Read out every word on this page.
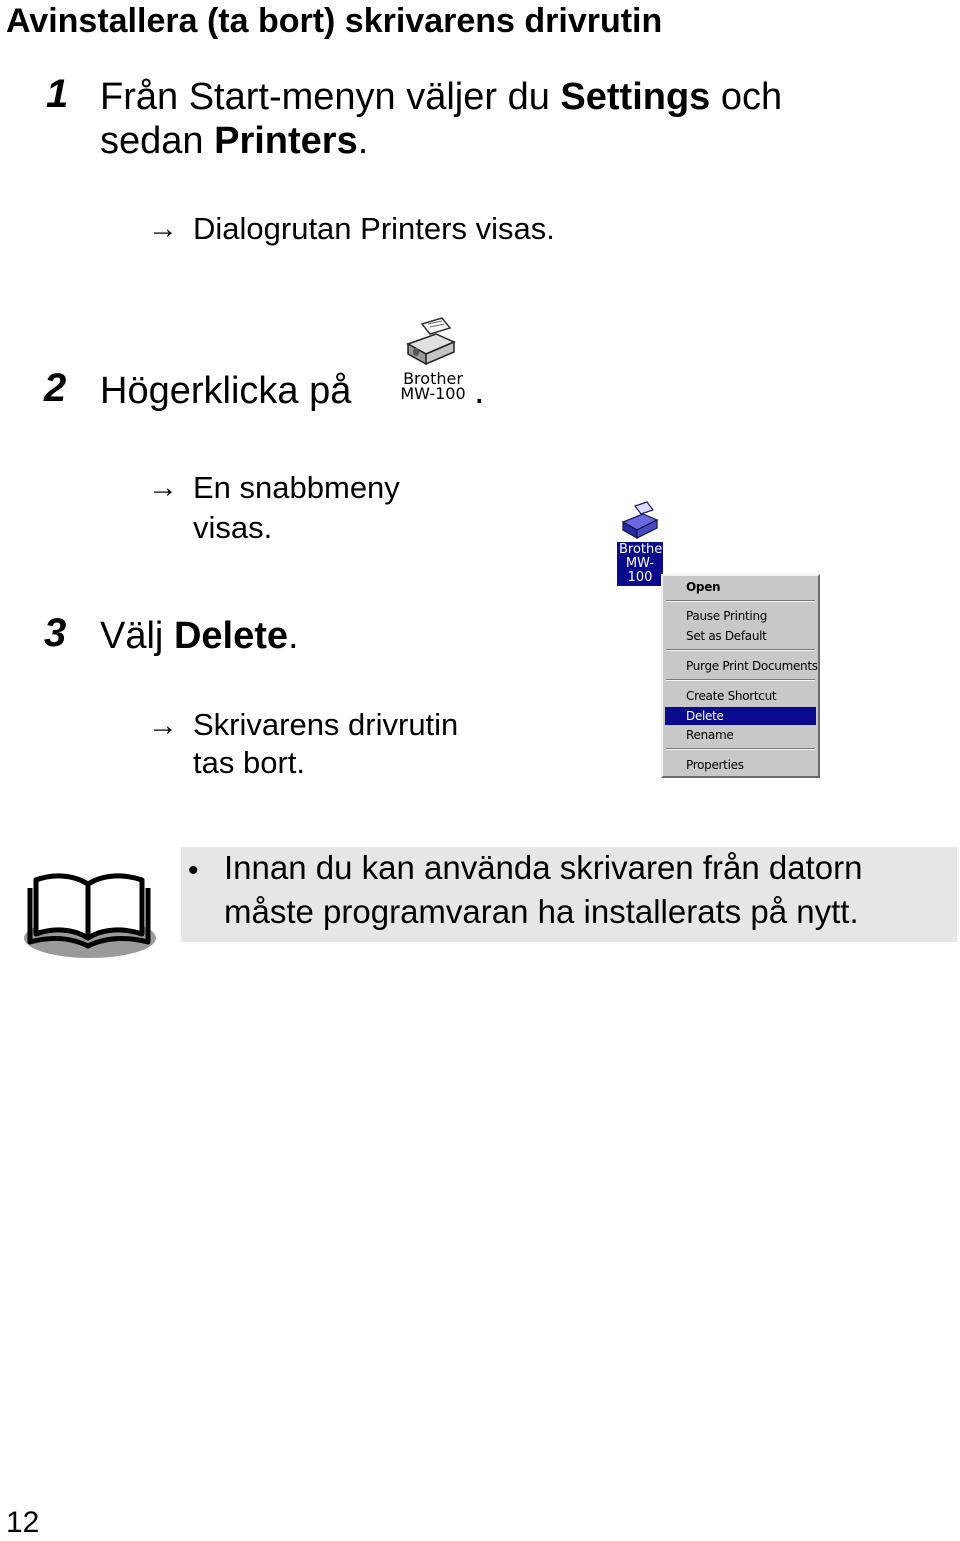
Avinstallera (ta bort) skrivarens drivrutin
1 Från Start-menyn väljer du Settings och
sedan Printers.
→ Dialogrutan Printers visas.
2 Högerklicka på	Brother
MW-100 .
→ En snabbmeny
visas.
3 Välj Delete.
→ Skrivarens drivrutin
tas bort.
Brother
MW-100
Open
Pause Printing
Set as Default
Purge Print Documents
Create Shortcut
Delete
Rename
Properties
• Innan du kan använda skrivaren från datorn måste programvaran ha installerats på nytt.
12
